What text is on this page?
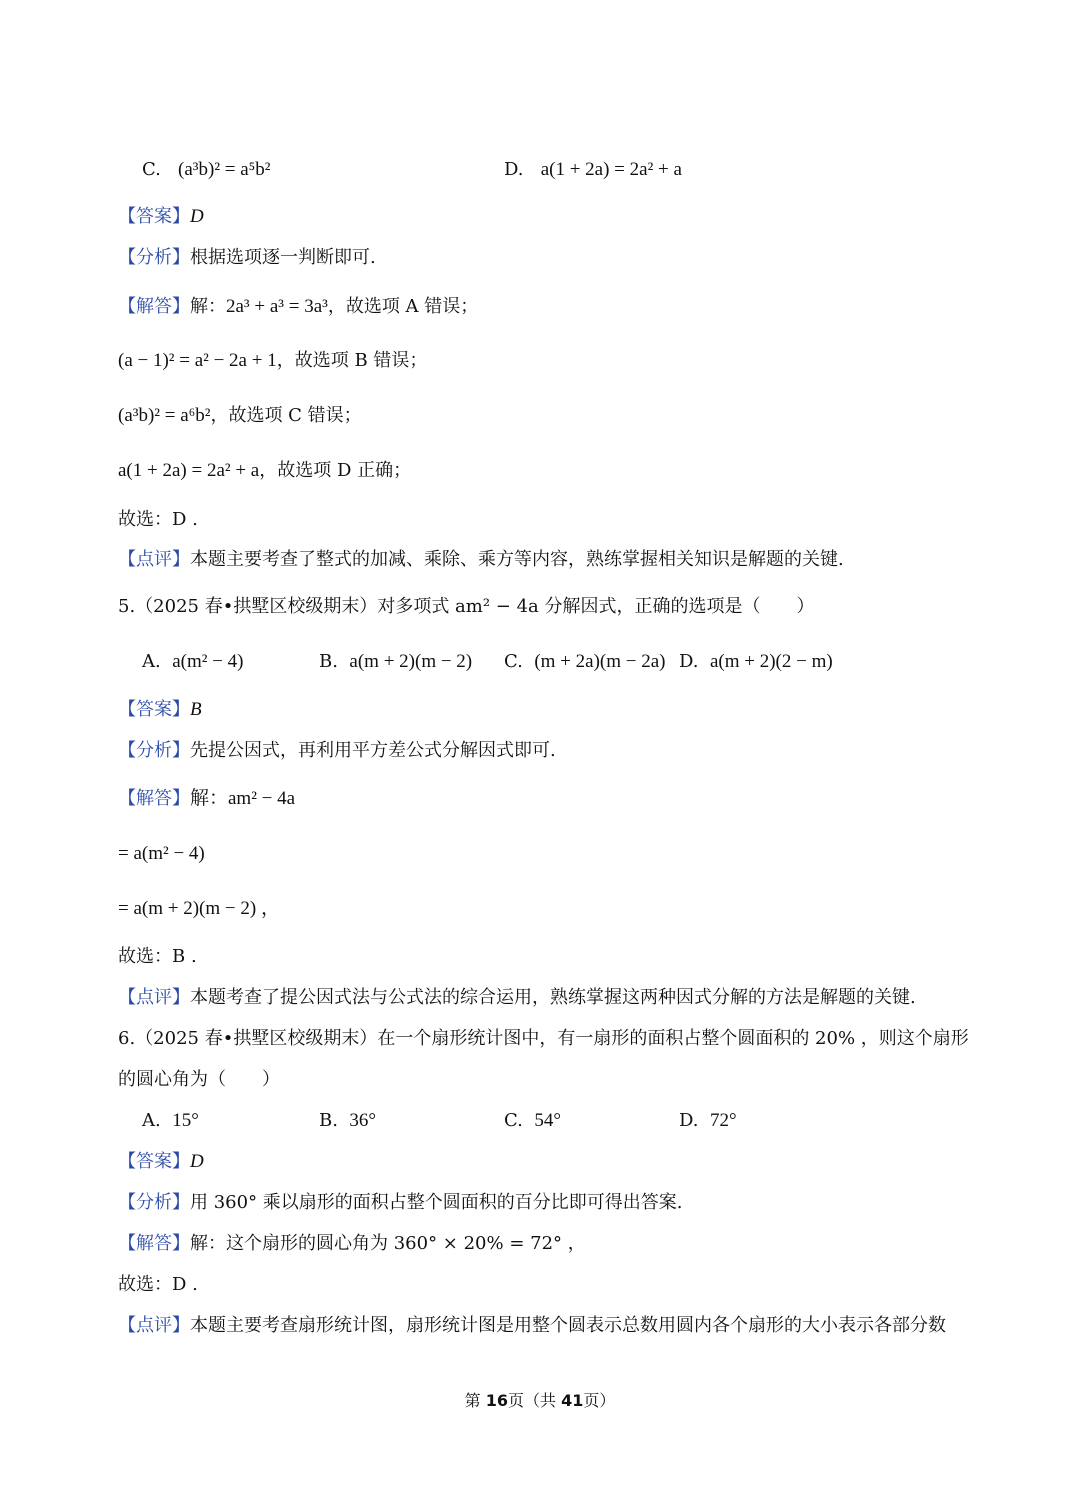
C. (a³b)² = a⁵b²	D. a(1 + 2a) = 2a² + a
【答案】D
【分析】根据选项逐一判断即可.
【解答】解：2a³ + a³ = 3a³，故选项 A 错误；
(a − 1)² = a² − 2a + 1，故选项 B 错误；
(a³b)² = a⁶b²，故选项 C 错误；
a(1 + 2a) = 2a² + a，故选项 D 正确；
故选：D .
【点评】本题主要考查了整式的加减、乘除、乘方等内容，熟练掌握相关知识是解题的关键.
5.（2025 春•拱墅区校级期末）对多项式 am² − 4a 分解因式，正确的选项是（　　）
A. a(m² − 4)	B. a(m + 2)(m − 2) C. (m + 2a)(m − 2a) D. a(m + 2)(2 − m)
【答案】B
【分析】先提公因式，再利用平方差公式分解因式即可.
【解答】解：am² − 4a
= a(m² − 4)
= a(m + 2)(m − 2) ，
故选：B .
【点评】本题考查了提公因式法与公式法的综合运用，熟练掌握这两种因式分解的方法是解题的关键.
6.（2025 春•拱墅区校级期末）在一个扇形统计图中，有一扇形的面积占整个圆面积的 20% ，则这个扇形
的圆心角为（　　）
A. 15°	B. 36°	C. 54°	D. 72°
【答案】D
【分析】用 360° 乘以扇形的面积占整个圆面积的百分比即可得出答案.
【解答】解：这个扇形的圆心角为 360° × 20% = 72° ，
故选：D .
【点评】本题主要考查扇形统计图，扇形统计图是用整个圆表示总数用圆内各个扇形的大小表示各部分数
第 16页（共 41页）
